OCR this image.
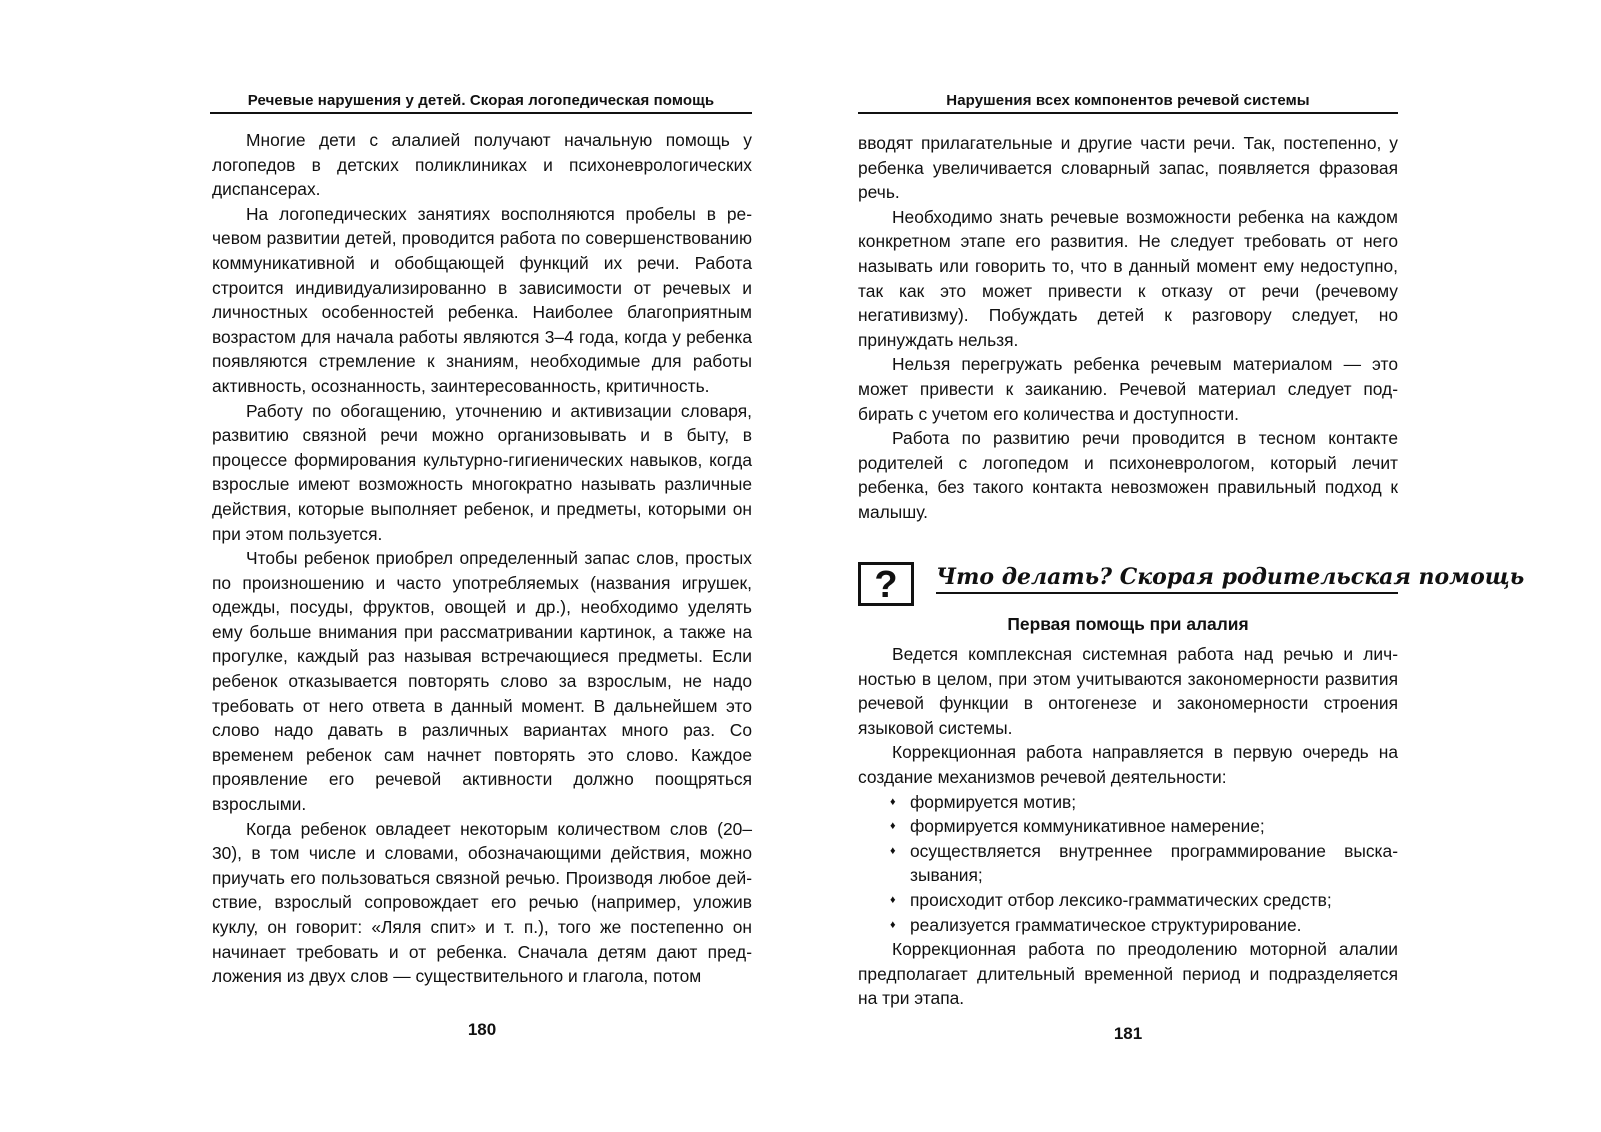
Речевые нарушения у детей. Скорая логопедическая помощь

Многие дети с алалией получают начальную помощь у логопедов в детских поликлиниках и психоневрологических диспансерах.

На логопедических занятиях восполняются пробелы в речевом развитии детей, проводится работа по совершенствованию коммуникативной и обобщающей функций их речи. Работа строится индивидуализированно в зависимости от речевых и личностных особенностей ребенка. Наиболее благоприятным возрастом для начала работы являются 3–4 года, когда у ребенка появляются стремление к знаниям, необходимые для работы активность, осознанность, заинтересованность, критичность.

Работу по обогащению, уточнению и активизации словаря, развитию связной речи можно организовывать и в быту, в процессе формирования культурно-гигиенических навыков, когда взрослые имеют возможность многократно называть различные действия, которые выполняет ребенок, и предметы, которыми он при этом пользуется.

Чтобы ребенок приобрел определенный запас слов, простых по произношению и часто употребляемых (названия игрушек, одежды, посуды, фруктов, овощей и др.), необходимо уделять ему больше внимания при рассматривании картинок, а также на прогулке, каждый раз называя встречающиеся предметы. Если ребенок отказывается повторять слово за взрослым, не надо требовать от него ответа в данный момент. В дальнейшем это слово надо давать в различных вариантах много раз. Со временем ребенок сам начнет повторять это слово. Каждое проявление его речевой активности должно поощряться взрослыми.

Когда ребенок овладеет некоторым количеством слов (20–30), в том числе и словами, обозначающими действия, можно приучать его пользоваться связной речью. Производя любое действие, взрослый сопровождает его речью (например, уложив куклу, он говорит: «Ляля спит» и т. п.), того же постепенно он начинает требовать и от ребенка. Сначала детям дают предложения из двух слов — существительного и глагола, потом

180
Нарушения всех компонентов речевой системы

вводят прилагательные и другие части речи. Так, постепенно, у ребенка увеличивается словарный запас, появляется фразовая речь.

Необходимо знать речевые возможности ребенка на каждом конкретном этапе его развития. Не следует требовать от него называть или говорить то, что в данный момент ему недоступно, так как это может привести к отказу от речи (речевому негативизму). Побуждать детей к разговору следует, но принуждать нельзя.

Нельзя перегружать ребенка речевым материалом — это может привести к заиканию. Речевой материал следует подбирать с учетом его количества и доступности.

Работа по развитию речи проводится в тесном контакте родителей с логопедом и психоневрологом, который лечит ребенка, без такого контакта невозможен правильный подход к малышу.

?	Что делать? Скорая родительская помощь
Первая помощь при алалия

Ведется комплексная системная работа над речью и личностью в целом, при этом учитываются закономерности развития речевой функции в онтогенезе и закономерности строения языковой системы.

Коррекционная работа направляется в первую очередь на создание механизмов речевой деятельности:

♦ формируется мотив;
♦ формируется коммуникативное намерение;
♦ осуществляется внутреннее программирование высказывания;
♦ происходит отбор лексико-грамматических средств;
♦ реализуется грамматическое структурирование.

Коррекционная работа по преодолению моторной алалии предполагает длительный временной период и подразделяется на три этапа.

181
